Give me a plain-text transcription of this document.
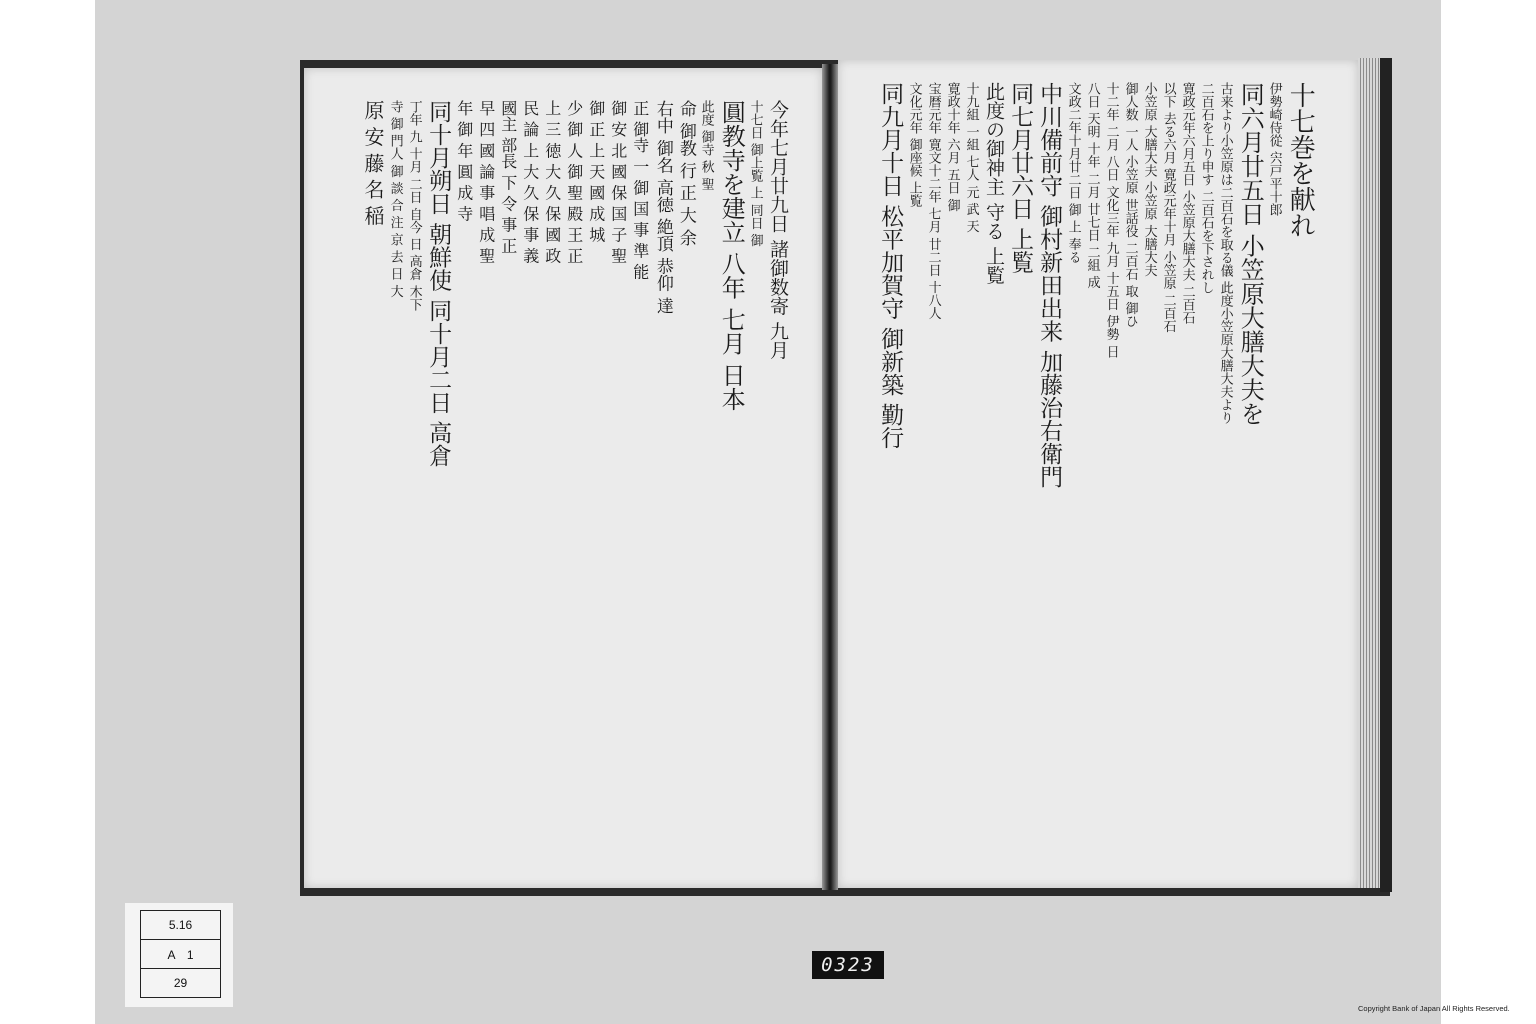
十七巻を献れ
伊勢崎侍從 宍戸平十郎
同六月廿五日 小笠原大膳大夫を
古来より小笠原は二百石を取る儀 此度小笠原大膳大夫より
二百石を上り申す 二百石を下されし
寛政元年六月五日 小笠原大膳大夫 二百石
以下 去る六月 寛政元年十月 小笠原 二百石
小笠原 大膳大夫 小笠原 大膳大夫
御人数 一人 小笠原 世話役 二百石 取 御ひ
十二年 二月 八日 文化三年 九月 十五日 伊勢 日
八日 天明 十年 二月 廿七日 二組 成
文政二年十月廿二日 御 上 奉る
中川備前守 御村新田出来 加藤治右衛門
同七月廿六日 上覧
此度の御神主 守る 上覧
十九組 一組 七人 元 武 天
寛政十年 六月 五日 御
宝暦元年 寛文十二年 七月 廿二日 十八人
文化元年 御座候 上覧
同九月十日 松平加賀守 御新築 勤行
今年七月廿九日 諸御数寄 九月
十七日 御上覧 上 同日 御
圓教寺を建立 八年 七月 日本
此度 御寺 秋 聖
命 御教 行 正 大 余
右中 御名 高徳 絶頂 恭仰 達
正 御寺 一 御 国 事 準 能
御 安 北 國 保 国 子 聖
御 正 上 天 國 成 城
少 御 人 御 聖 殿 王 正
上 三 徳 大 久 保 國 政
民 論 上 大 久 保 事 義
國主 部長 下 令 事 正
早 四 國 論 事 唱 成 聖
年 御 年 圓 成 寺
同十月朔日 朝鮮使 同十月二日 高倉
丁年 九 十月 二日 自今 日 高倉 木下
寺 御 門人 御 談 合 注 京 去 日 大
原 安 藤 名 稲
5.16
A　1
29
0323
Copyright Bank of Japan All Rights Reserved.
